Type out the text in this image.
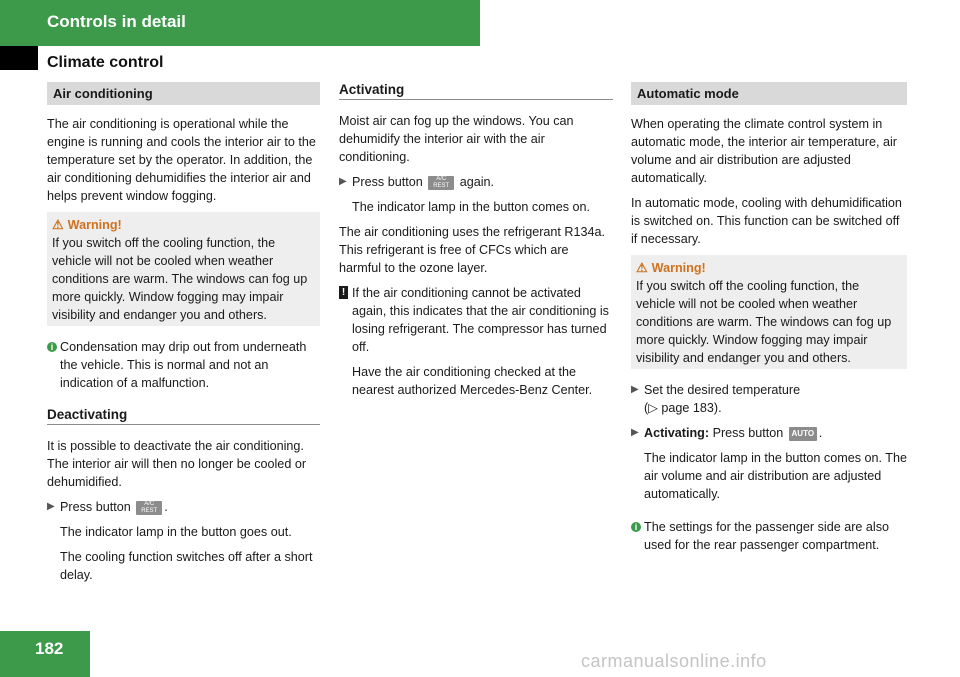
Controls in detail
Climate control
Air conditioning

The air conditioning is operational while the engine is running and cools the interior air to the temperature set by the operator. In addition, the air conditioning dehumidifies the interior air and helps prevent window fogging.

⚠ Warning!

If you switch off the cooling function, the vehicle will not be cooled when weather conditions are warm. The windows can fog up more quickly. Window fogging may impair visibility and endanger you and others.

i Condensation may drip out from underneath the vehicle. This is normal and not an indication of a malfunction.

Deactivating

It is possible to deactivate the air conditioning. The interior air will then no longer be cooled or dehumidified.

▶ Press button A/C
REST .

The indicator lamp in the button goes out.

The cooling function switches off after a short delay.

Activating

Moist air can fog up the windows. You can dehumidify the interior air with the air conditioning.

▶ Press button A/C
REST again.

The indicator lamp in the button comes on.

The air conditioning uses the refrigerant R134a. This refrigerant is free of CFCs which are harmful to the ozone layer.

! If the air conditioning cannot be activated again, this indicates that the air conditioning is losing refrigerant. The compressor has turned off.

Have the air conditioning checked at the nearest authorized Mercedes-Benz Center.

Automatic mode

When operating the climate control system in automatic mode, the interior air temperature, air volume and air distribution are adjusted automatically.

In automatic mode, cooling with dehumidification is switched on. This function can be switched off if necessary.

⚠ Warning!

If you switch off the cooling function, the vehicle will not be cooled when weather conditions are warm. The windows can fog up more quickly. Window fogging may impair visibility and endanger you and others.

▶ Set the desired temperature
(▷ page 183).

▶ Activating: Press button AUTO .

The indicator lamp in the button comes on. The air volume and air distribution are adjusted automatically.

i The settings for the passenger side are also used for the rear passenger compartment.

182
carmanualsonline.info
